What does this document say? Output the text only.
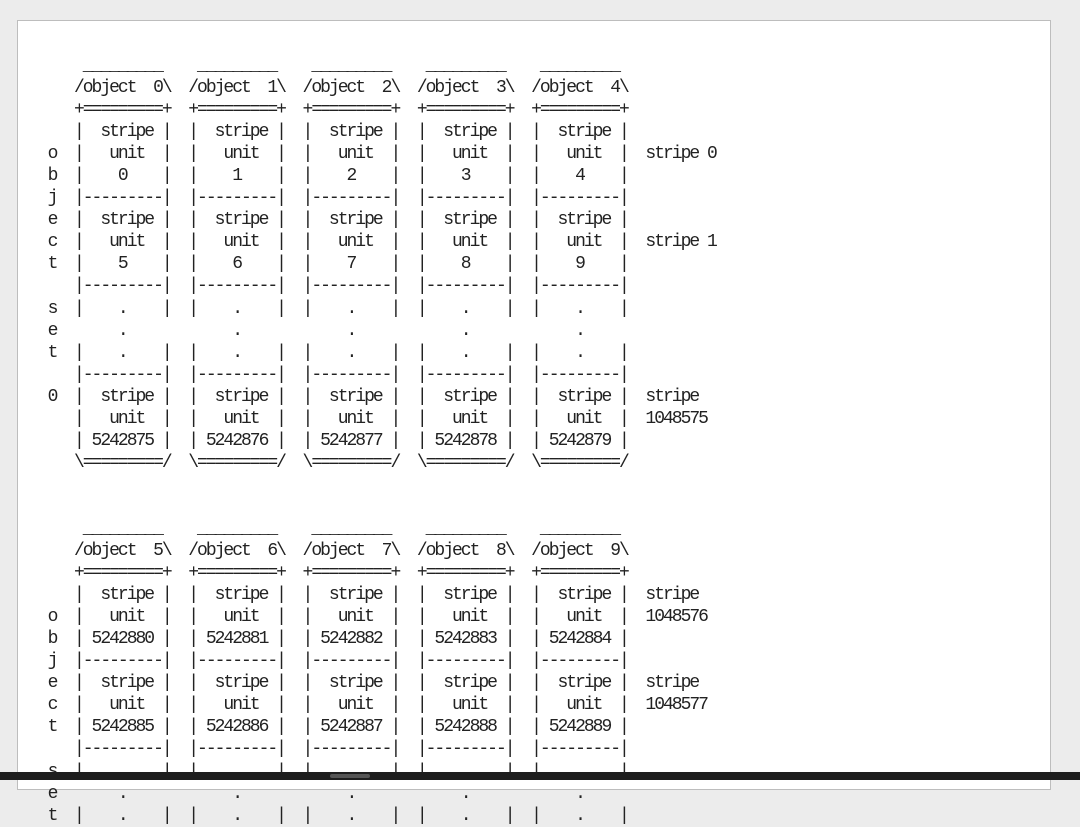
_________    _________    _________    _________    _________
/object  0\  /object  1\  /object  2\  /object  3\  /object  4\
+=========+  +=========+  +=========+  +=========+  +=========+
|  stripe |  |  stripe |  |  stripe |  |  stripe |  |  stripe |
o  |   unit  |  |   unit  |  |   unit  |  |   unit  |  |   unit  |  stripe 0
b  |    0    |  |    1    |  |    2    |  |    3    |  |    4    |
j  |---------|  |---------|  |---------|  |---------|  |---------|
e  |  stripe |  |  stripe |  |  stripe |  |  stripe |  |  stripe |
c  |   unit  |  |   unit  |  |   unit  |  |   unit  |  |   unit  |  stripe 1
t  |    5    |  |    6    |  |    7    |  |    8    |  |    9    |
|---------|  |---------|  |---------|  |---------|  |---------|
s  |    .    |  |    .    |  |    .    |  |    .    |  |    .    |
e       .            .            .            .            .
t  |    .    |  |    .    |  |    .    |  |    .    |  |    .    |
|---------|  |---------|  |---------|  |---------|  |---------|
0  |  stripe |  |  stripe |  |  stripe |  |  stripe |  |  stripe |  stripe
|   unit  |  |   unit  |  |   unit  |  |   unit  |  |   unit  |  1048575
| 5242875 |  | 5242876 |  | 5242877 |  | 5242878 |  | 5242879 |
\=========/  \=========/  \=========/  \=========/  \=========/

_________    _________    _________    _________    _________
/object  5\  /object  6\  /object  7\  /object  8\  /object  9\
+=========+  +=========+  +=========+  +=========+  +=========+
|  stripe |  |  stripe |  |  stripe |  |  stripe |  |  stripe |  stripe
o  |   unit  |  |   unit  |  |   unit  |  |   unit  |  |   unit  |  1048576
b  | 5242880 |  | 5242881 |  | 5242882 |  | 5242883 |  | 5242884 |
j  |---------|  |---------|  |---------|  |---------|  |---------|
e  |  stripe |  |  stripe |  |  stripe |  |  stripe |  |  stripe |  stripe
c  |   unit  |  |   unit  |  |   unit  |  |   unit  |  |   unit  |  1048577
t  | 5242885 |  | 5242886 |  | 5242887 |  | 5242888 |  | 5242889 |
|---------|  |---------|  |---------|  |---------|  |---------|

e       .            .            .            .            .
t  |    .    |  |    .    |  |    .    |  |    .    |  |    .    |
